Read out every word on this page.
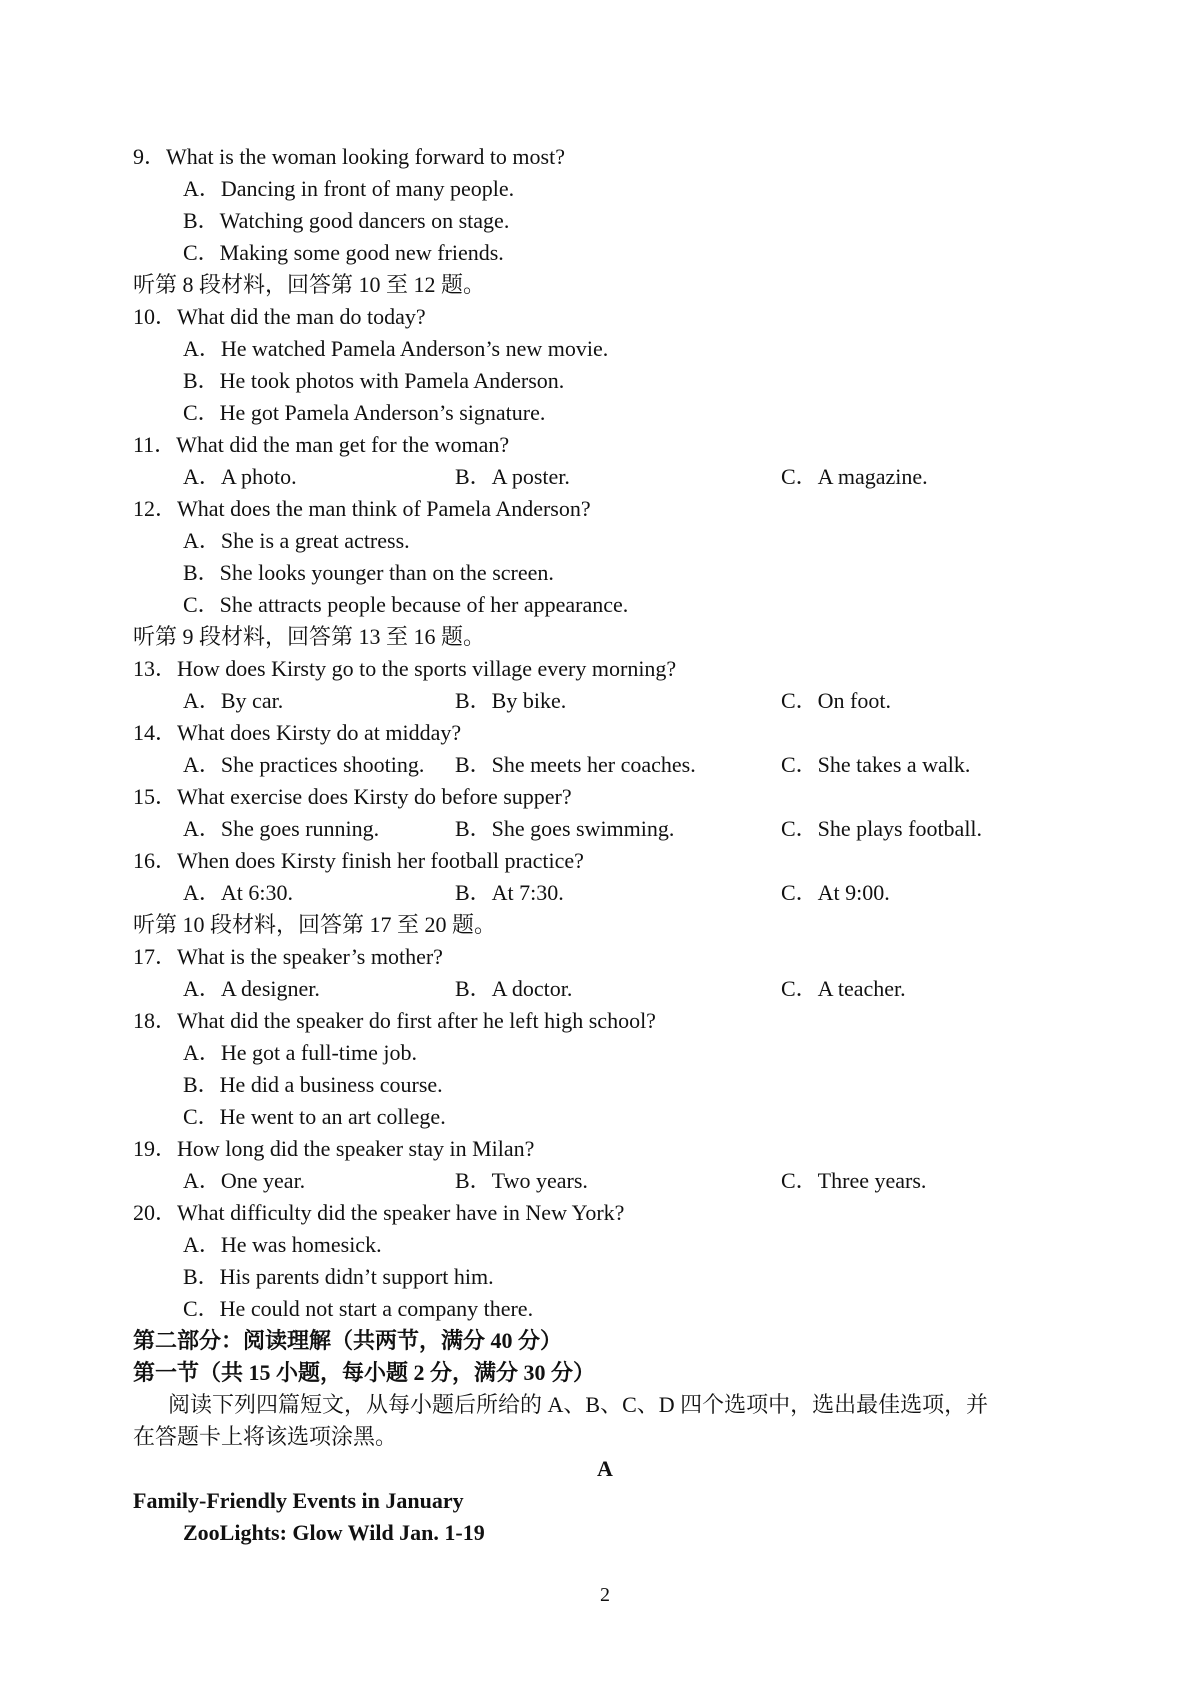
9．What is the woman looking forward to most?
A．Dancing in front of many people.
B．Watching good dancers on stage.
C．Making some good new friends.
听第 8 段材料，回答第 10 至 12 题。
10．What did the man do today?
A．He watched Pamela Anderson’s new movie.
B．He took photos with Pamela Anderson.
C．He got Pamela Anderson’s signature.
11．What did the man get for the woman?
A．A photo.	B．A poster.	C．A magazine.
12．What does the man think of Pamela Anderson?
A．She is a great actress.
B．She looks younger than on the screen.
C．She attracts people because of her appearance.
听第 9 段材料，回答第 13 至 16 题。
13．How does Kirsty go to the sports village every morning?
A．By car.	B．By bike.	C．On foot.
14．What does Kirsty do at midday?
A．She practices shooting. B．She meets her coaches.	C．She takes a walk.
15．What exercise does Kirsty do before supper?
A．She goes running.	B．She goes swimming.	C．She plays football.
16．When does Kirsty finish her football practice?
A．At 6:30.	B．At 7:30.	C．At 9:00.
听第 10 段材料，回答第 17 至 20 题。
17．What is the speaker’s mother?
A．A designer.	B．A doctor.	C．A teacher.
18．What did the speaker do first after he left high school?
A．He got a full-time job.
B．He did a business course.
C．He went to an art college.
19．How long did the speaker stay in Milan?
A．One year.	B．Two years.	C．Three years.
20．What difficulty did the speaker have in New York?
A．He was homesick.
B．His parents didn’t support him.
C．He could not start a company there.
第二部分：阅读理解（共两节，满分 40 分）
第一节（共 15 小题，每小题 2 分，满分 30 分）
阅读下列四篇短文，从每小题后所给的 A、B、C、D 四个选项中，选出最佳选项，并
在答题卡上将该选项涂黑。
A
Family-Friendly Events in January
ZooLights: Glow Wild Jan. 1-19
2
